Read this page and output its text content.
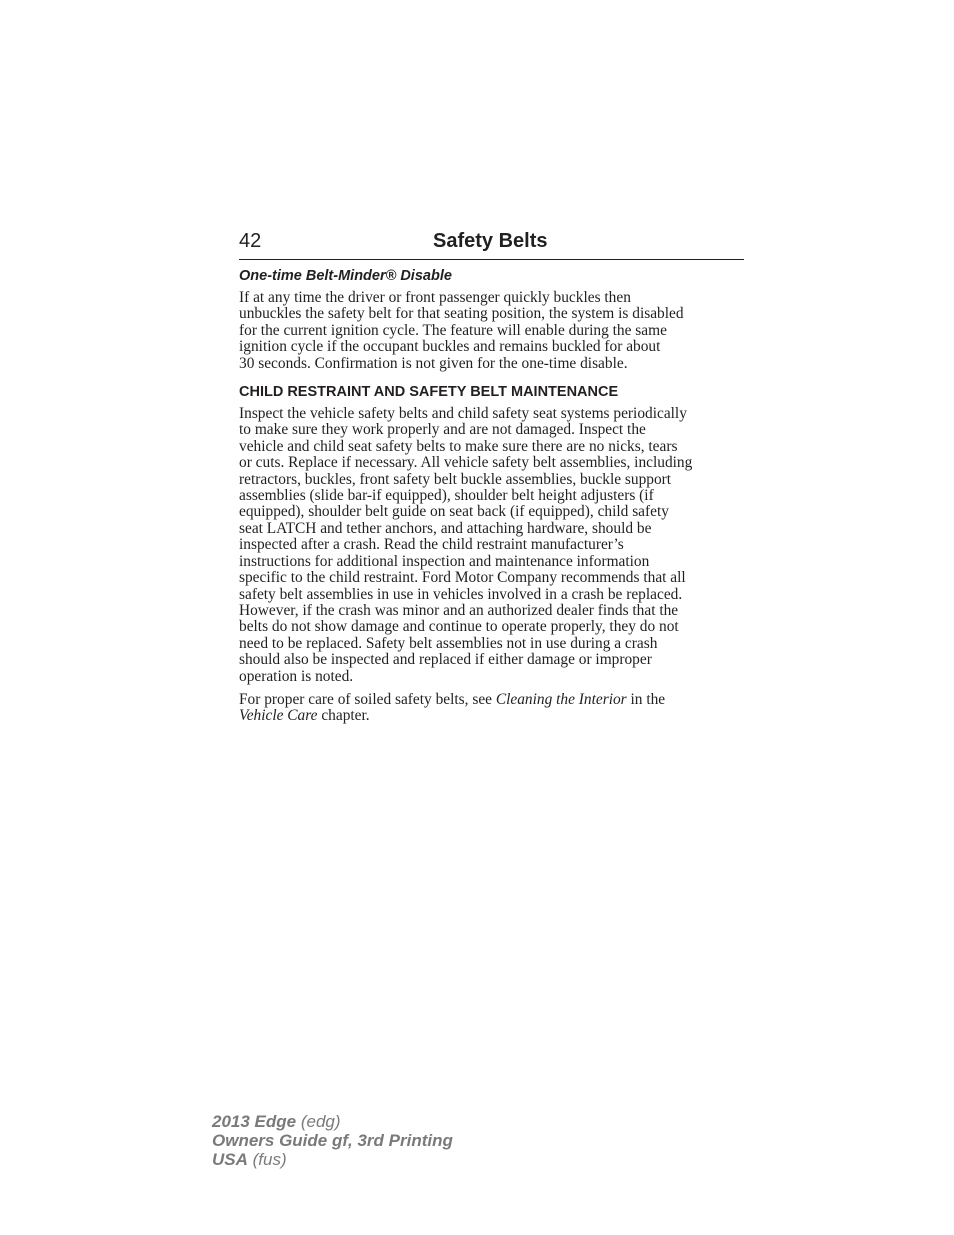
42	Safety Belts
One-time Belt-Minder® Disable

If at any time the driver or front passenger quickly buckles then
unbuckles the safety belt for that seating position, the system is disabled
for the current ignition cycle. The feature will enable during the same
ignition cycle if the occupant buckles and remains buckled for about
30 seconds. Confirmation is not given for the one-time disable.

CHILD RESTRAINT AND SAFETY BELT MAINTENANCE

Inspect the vehicle safety belts and child safety seat systems periodically
to make sure they work properly and are not damaged. Inspect the
vehicle and child seat safety belts to make sure there are no nicks, tears
or cuts. Replace if necessary. All vehicle safety belt assemblies, including
retractors, buckles, front safety belt buckle assemblies, buckle support
assemblies (slide bar-if equipped), shoulder belt height adjusters (if
equipped), shoulder belt guide on seat back (if equipped), child safety
seat LATCH and tether anchors, and attaching hardware, should be
inspected after a crash. Read the child restraint manufacturer’s
instructions for additional inspection and maintenance information
specific to the child restraint. Ford Motor Company recommends that all
safety belt assemblies in use in vehicles involved in a crash be replaced.
However, if the crash was minor and an authorized dealer finds that the
belts do not show damage and continue to operate properly, they do not
need to be replaced. Safety belt assemblies not in use during a crash
should also be inspected and replaced if either damage or improper
operation is noted.

For proper care of soiled safety belts, see Cleaning the Interior in the
Vehicle Care chapter.

2013 Edge (edg)
Owners Guide gf, 3rd Printing
USA (fus)
